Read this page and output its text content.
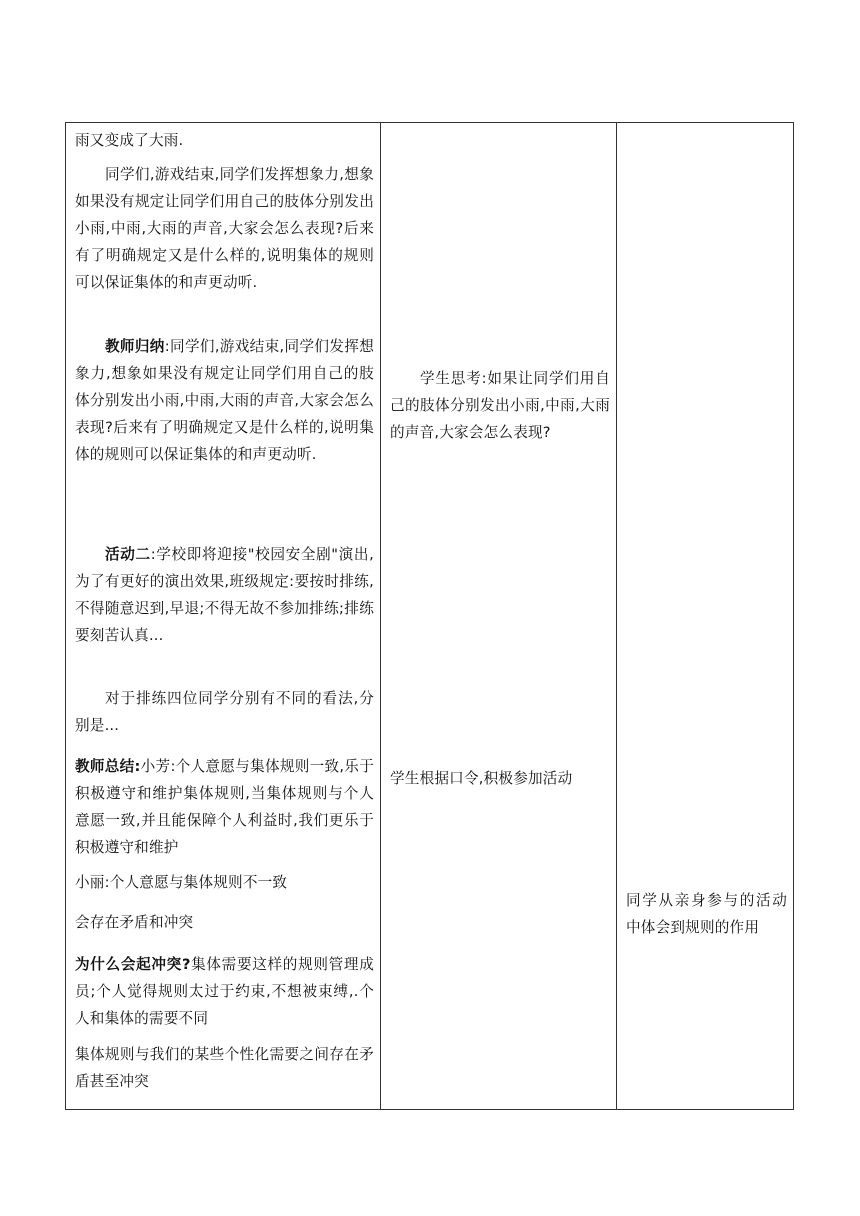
雨又变成了大雨.

同学们,游戏结束,同学们发挥想象力,想象如果没有规定让同学们用自己的肢体分别发出小雨,中雨,大雨的声音,大家会怎么表现?后来有了明确规定又是什么样的,说明集体的规则可以保证集体的和声更动听.

教师归纳:同学们,游戏结束,同学们发挥想象力,想象如果没有规定让同学们用自己的肢体分别发出小雨,中雨,大雨的声音,大家会怎么表现?后来有了明确规定又是什么样的,说明集体的规则可以保证集体的和声更动听.

活动二:学校即将迎接"校园安全剧"演出,为了有更好的演出效果,班级规定:要按时排练,不得随意迟到,早退;不得无故不参加排练;排练要刻苦认真...

对于排练四位同学分别有不同的看法,分别是...

教师总结:小芳:个人意愿与集体规则一致,乐于积极遵守和维护集体规则,当集体规则与个人意愿一致,并且能保障个人利益时,我们更乐于积极遵守和维护

小丽:个人意愿与集体规则不一致

会存在矛盾和冲突

为什么会起冲突?集体需要这样的规则管理成员;个人觉得规则太过于约束,不想被束缚,.个人和集体的需要不同

集体规则与我们的某些个性化需要之间存在矛盾甚至冲突

学生思考:如果让同学们用自己的肢体分别发出小雨,中雨,大雨的声音,大家会怎么表现?

学生根据口令,积极参加活动

同学从亲身参与的活动中体会到规则的作用
